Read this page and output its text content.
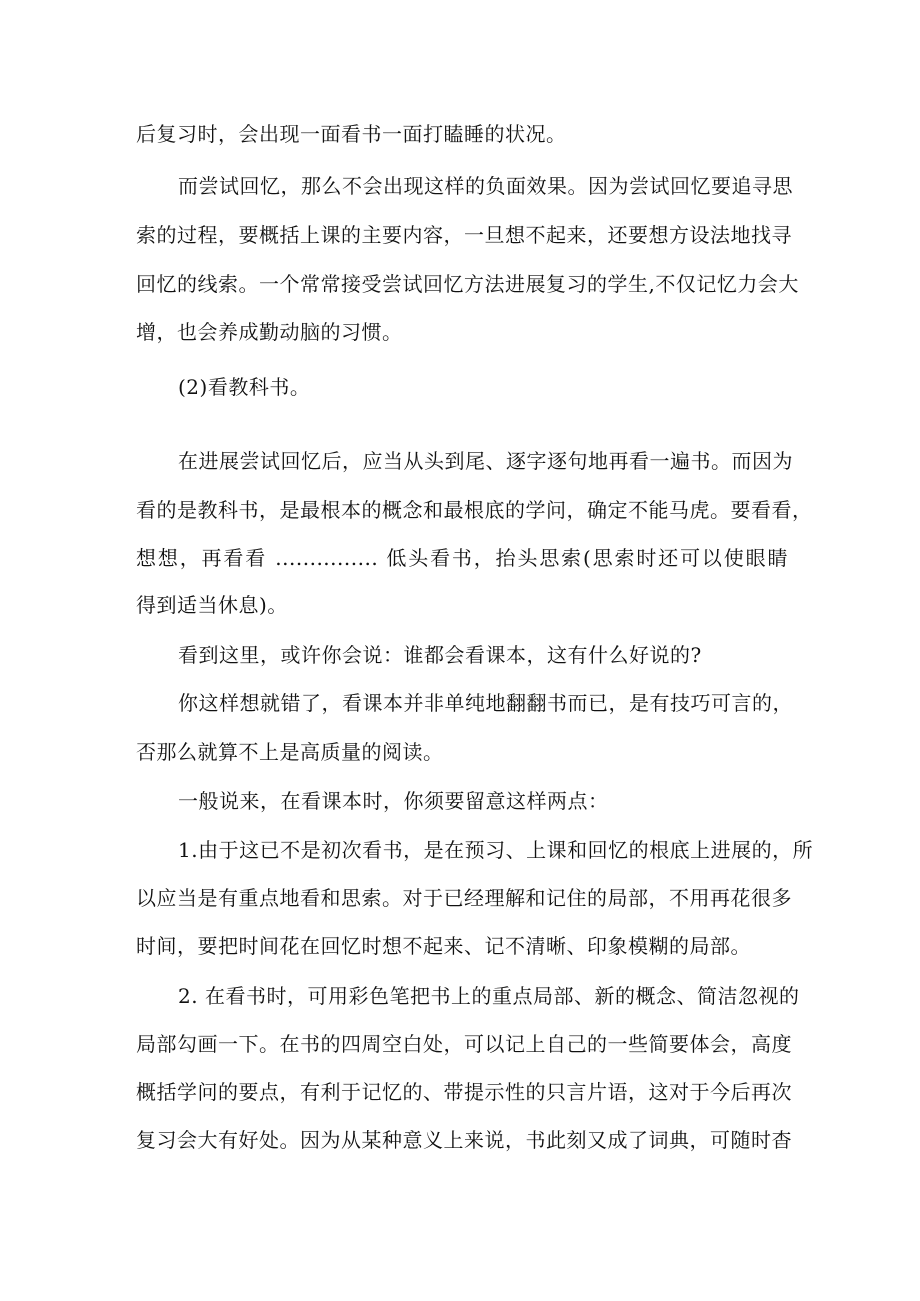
后复习时，会出现一面看书一面打瞌睡的状况。
而尝试回忆，那么不会出现这样的负面效果。因为尝试回忆要追寻思
索的过程，要概括上课的主要内容，一旦想不起来，还要想方设法地找寻
回忆的线索。一个常常接受尝试回忆方法进展复习的学生,不仅记忆力会大
增，也会养成勤动脑的习惯。
(2)看教科书。
在进展尝试回忆后，应当从头到尾、逐字逐句地再看一遍书。而因为
看的是教科书，是最根本的概念和最根底的学问，确定不能马虎。要看看，
想想，再看看 ............... 低头看书，抬头思索(思索时还可以使眼睛
得到适当休息)。
看到这里，或许你会说：谁都会看课本，这有什么好说的?
你这样想就错了，看课本并非单纯地翻翻书而已，是有技巧可言的，
否那么就算不上是高质量的阅读。
一般说来，在看课本时，你须要留意这样两点：
1.由于这已不是初次看书，是在预习、上课和回忆的根底上进展的，所
以应当是有重点地看和思索。对于已经理解和记住的局部，不用再花很多
时间，要把时间花在回忆时想不起来、记不清晰、印象模糊的局部。
2. 在看书时，可用彩色笔把书上的重点局部、新的概念、简洁忽视的
局部勾画一下。在书的四周空白处，可以记上自己的一些简要体会，高度
概括学问的要点，有利于记忆的、带提示性的只言片语，这对于今后再次
复习会大有好处。因为从某种意义上来说，书此刻又成了词典，可随时杳
